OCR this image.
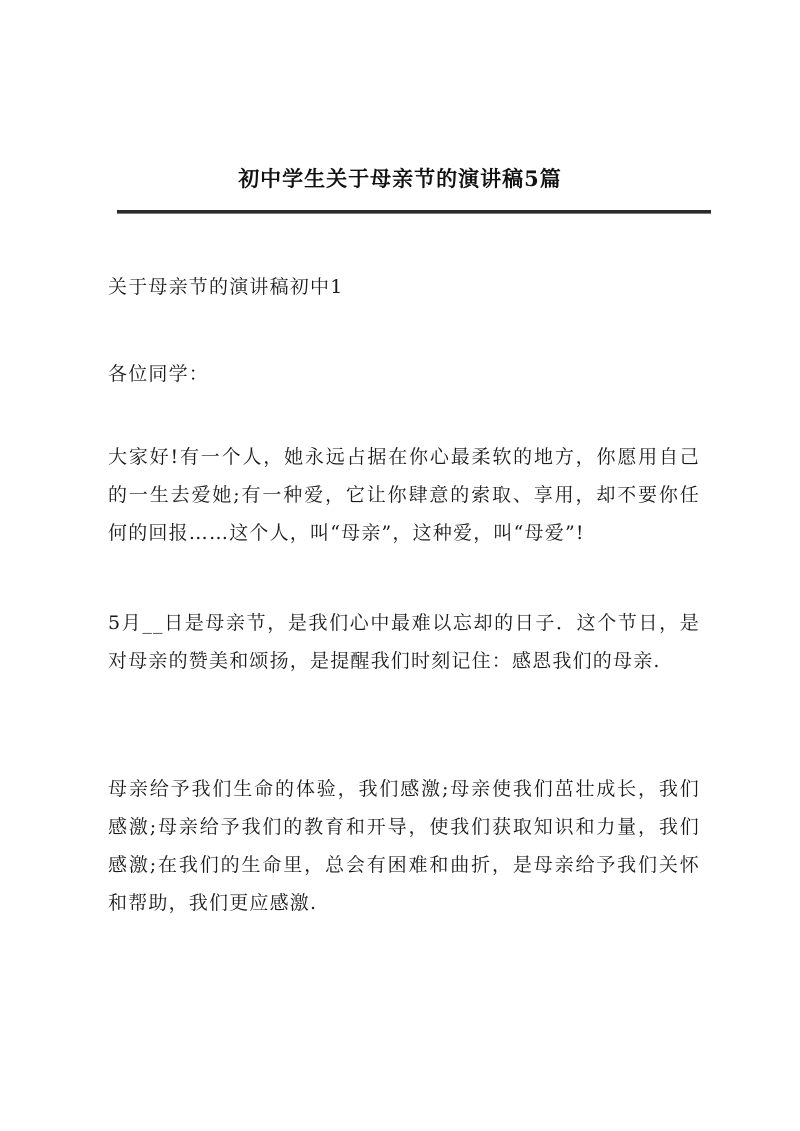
初中学生关于母亲节的演讲稿5篇

关于母亲节的演讲稿初中1

各位同学：

大家好!有一个人，她永远占据在你心最柔软的地方，你愿用自己的一生去爱她;有一种爱，它让你肆意的索取、享用，却不要你任何的回报……这个人，叫“母亲”，这种爱，叫“母爱”!

5月__日是母亲节，是我们心中最难以忘却的日子．这个节日，是对母亲的赞美和颂扬，是提醒我们时刻记住：感恩我们的母亲.

母亲给予我们生命的体验，我们感激;母亲使我们茁壮成长，我们感激;母亲给予我们的教育和开导，使我们获取知识和力量，我们感激;在我们的生命里，总会有困难和曲折，是母亲给予我们关怀和帮助，我们更应感激.
